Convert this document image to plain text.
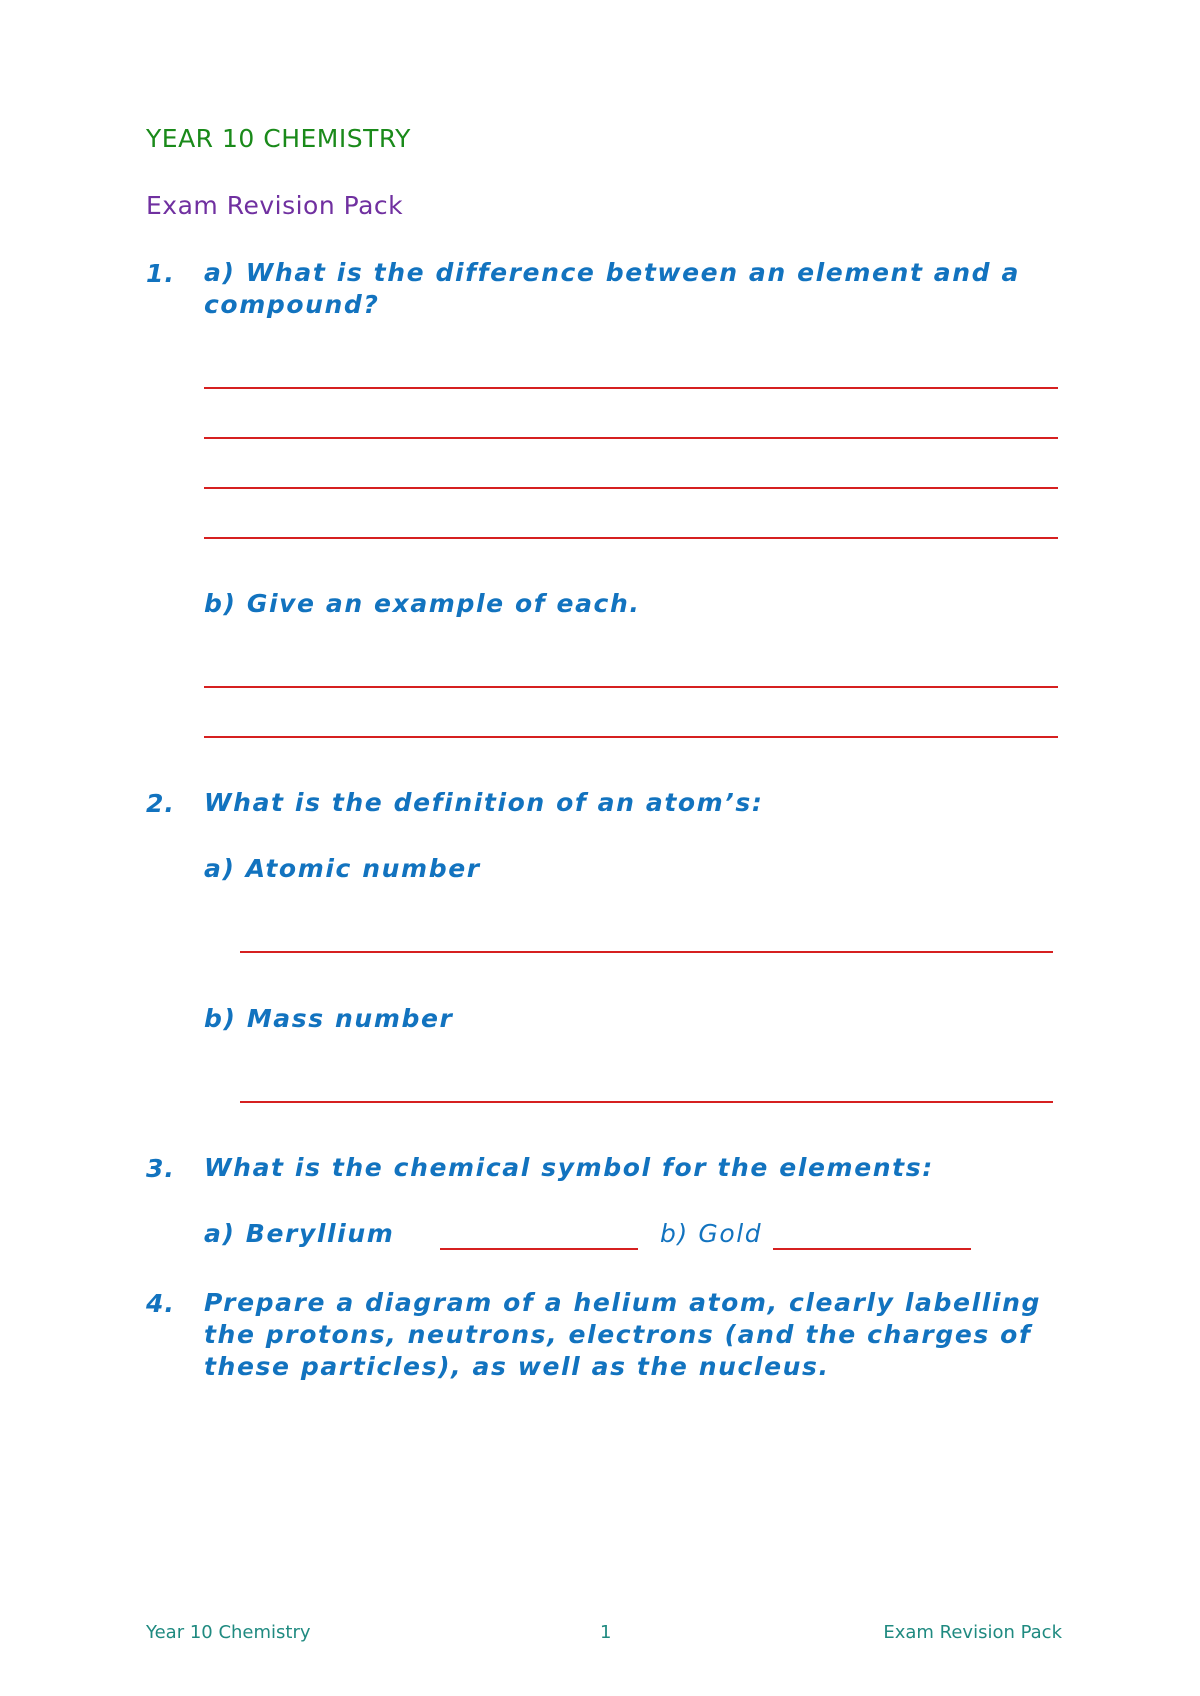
YEAR 10 CHEMISTRY
Exam Revision Pack
1. a) What is the difference between an element and a compound?
b) Give an example of each.
2. What is the definition of an atom’s:
a) Atomic number
b) Mass number
3. What is the chemical symbol for the elements:
a) Beryllium	b) Gold
4. Prepare a diagram of a helium atom, clearly labelling the protons, neutrons, electrons (and the charges of these particles), as well as the nucleus.
Year 10 Chemistry	1	Exam Revision Pack
